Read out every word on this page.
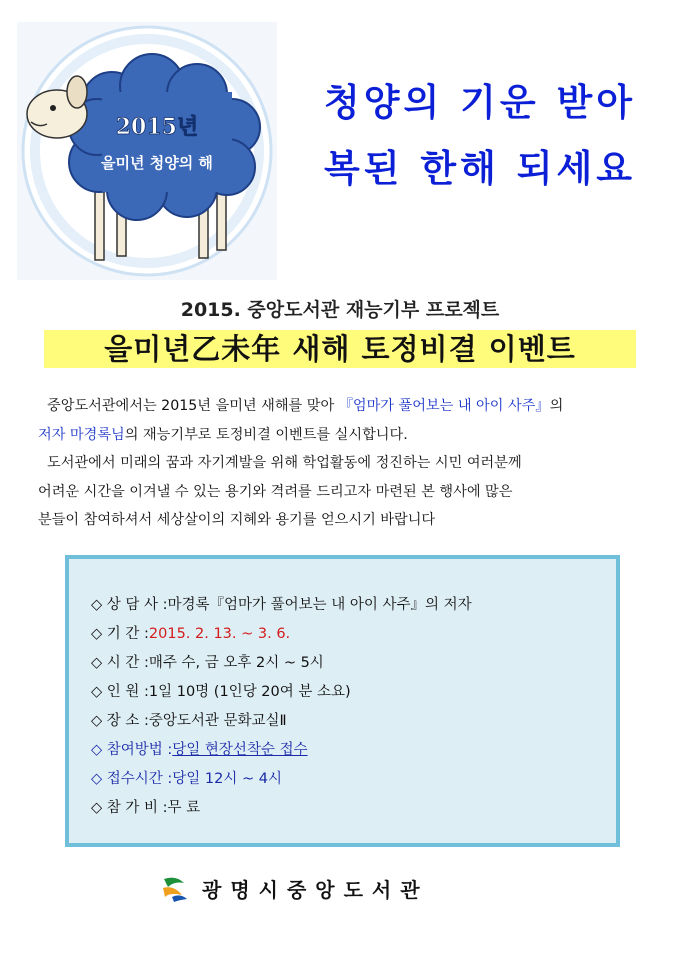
2015년
을미년 청양의 해
청양의 기운 받아
복된 한해 되세요
2015. 중앙도서관 재능기부 프로젝트
을미년乙未年 새해 토정비결 이벤트
중앙도서관에서는 2015년 을미년 새해를 맞아 『엄마가 풀어보는 내 아이 사주』의
저자 마경록님의 재능기부로 토정비결 이벤트를 실시합니다.
도서관에서 미래의 꿈과 자기계발을 위해 학업활동에 정진하는 시민 여러분께
어려운 시간을 이겨낼 수 있는 용기와 격려를 드리고자 마련된 본 행사에 많은
분들이 참여하셔서 세상살이의 지혜와 용기를 얻으시기 바랍니다
◇ 상 담 사 :마경록『엄마가 풀어보는 내 아이 사주』의 저자
◇ 기 간 :2015. 2. 13. ~ 3. 6.
◇ 시 간 :매주 수, 금 오후 2시 ~ 5시
◇ 인 원 :1일 10명 (1인당 20여 분 소요)
◇ 장 소 :중앙도서관 문화교실Ⅱ
◇ 참여방법 :당일 현장선착순 접수
◇ 접수시간 :당일 12시 ~ 4시
◇ 참 가 비 :무 료
광명시중앙도서관
